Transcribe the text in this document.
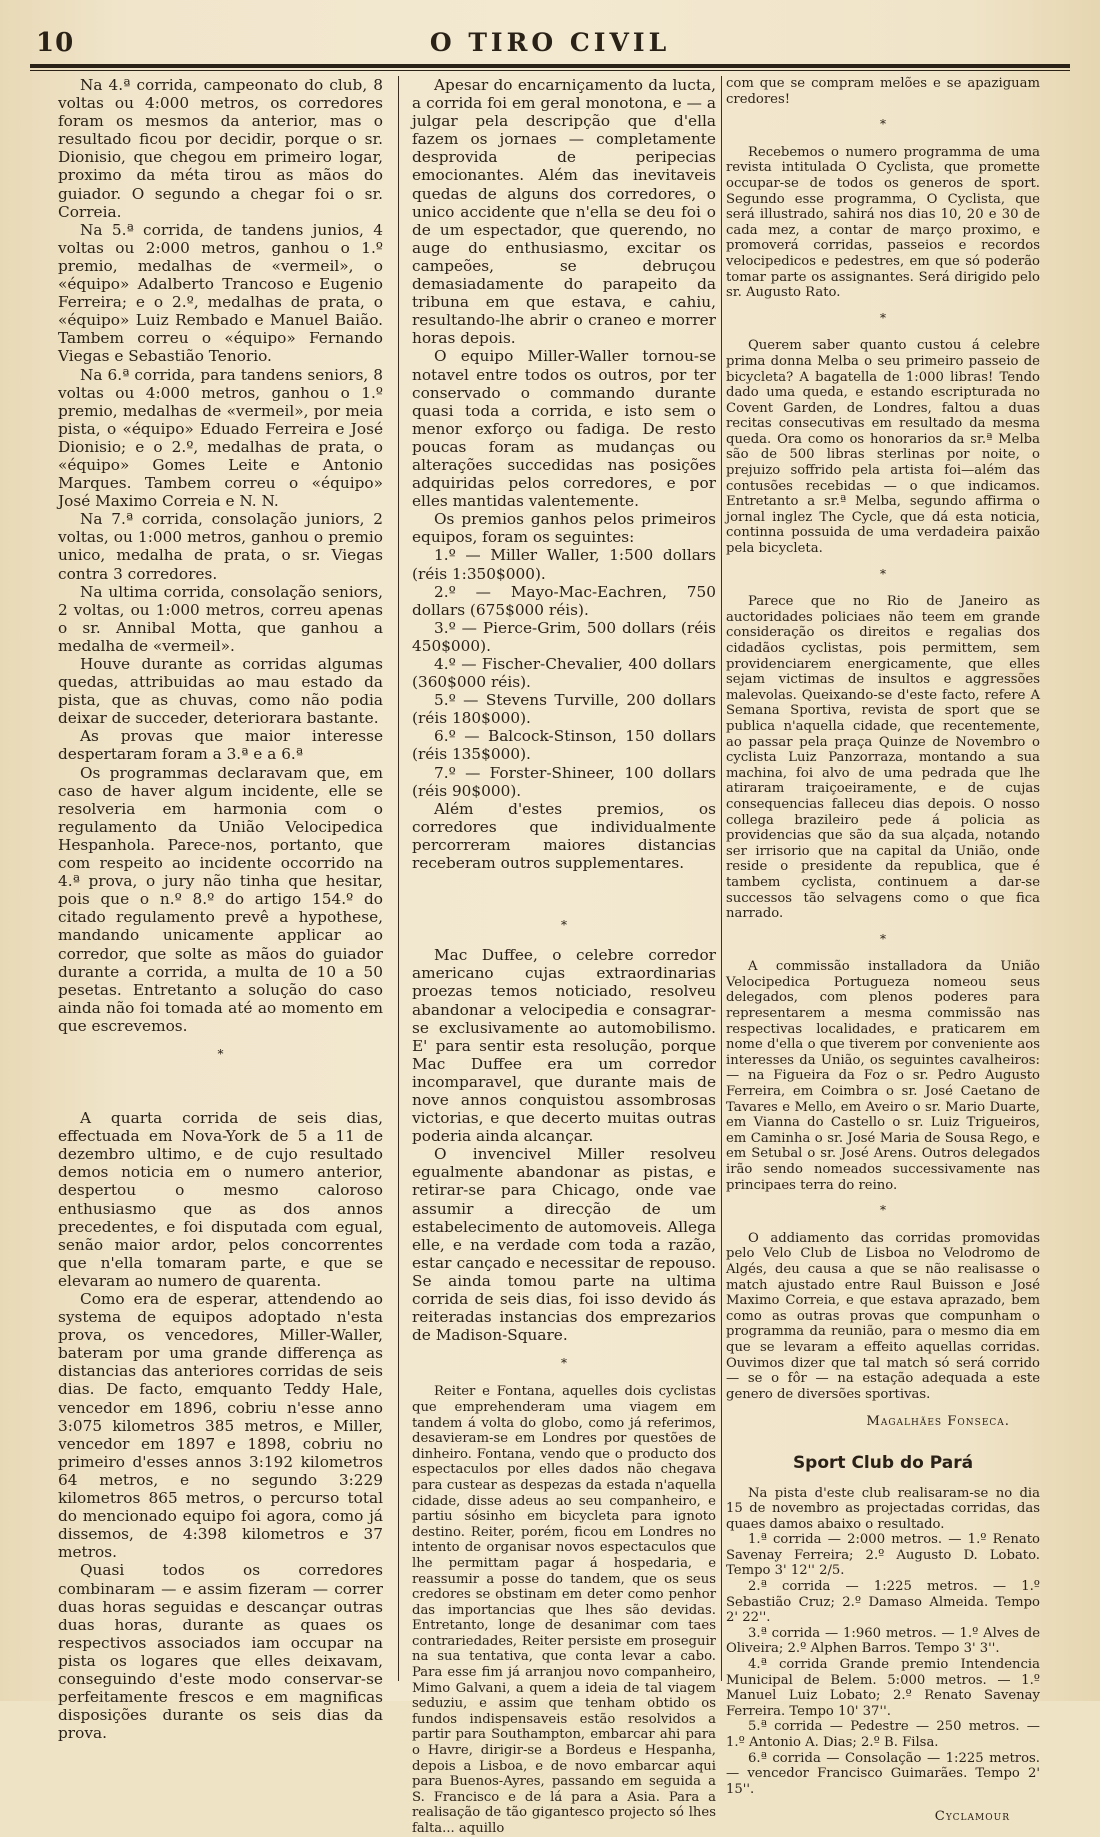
10	O TIRO CIVIL

Na 4.ª corrida, campeonato do club, 8 voltas ou 4:000 metros, os corredores foram os mesmos da anterior, mas o resultado ficou por decidir, porque o sr. Dionisio, que chegou em primeiro logar, proximo da méta tirou as mãos do guiador. O segundo a chegar foi o sr. Correia.

Na 5.ª corrida, de tandens junios, 4 voltas ou 2:000 metros, ganhou o 1.º premio, medalhas de «vermeil», o «équipo» Adalberto Trancoso e Eugenio Ferreira; e o 2.º, medalhas de prata, o «équipo» Luiz Rembado e Manuel Baião. Tambem correu o «équipo» Fernando Viegas e Sebastião Tenorio.

Na 6.ª corrida, para tandens seniors, 8 voltas ou 4:000 metros, ganhou o 1.º premio, medalhas de «vermeil», por meia pista, o «équipo» Eduado Ferreira e José Dionisio; e o 2.º, medalhas de prata, o «équipo» Gomes Leite e Antonio Marques. Tambem correu o «équipo» José Maximo Correia e N. N.

Na 7.ª corrida, consolação juniors, 2 voltas, ou 1:000 metros, ganhou o premio unico, medalha de prata, o sr. Viegas contra 3 corredores.

Na ultima corrida, consolação seniors, 2 voltas, ou 1:000 metros, correu apenas o sr. Annibal Motta, que ganhou a medalha de «vermeil».

Houve durante as corridas algumas quedas, attribuidas ao mau estado da pista, que as chuvas, como não podia deixar de succeder, deteriorara bastante.

As provas que maior interesse despertaram foram a 3.ª e a 6.ª

Os programmas declaravam que, em caso de haver algum incidente, elle se resolveria em harmonia com o regulamento da União Velocipedica Hespanhola. Parece-nos, portanto, que com respeito ao incidente occorrido na 4.ª prova, o jury não tinha que hesitar, pois que o n.º 8.º do artigo 154.º do citado regulamento prevê a hypothese, mandando unicamente applicar ao corredor, que solte as mãos do guiador durante a corrida, a multa de 10 a 50 pesetas. Entretanto a solução do caso ainda não foi tomada até ao momento em que escrevemos.

*

A quarta corrida de seis dias, effectuada em Nova-York de 5 a 11 de dezembro ultimo, e de cujo resultado demos noticia em o numero anterior, despertou o mesmo caloroso enthusiasmo que as dos annos precedentes, e foi disputada com egual, senão maior ardor, pelos concorrentes que n'ella tomaram parte, e que se elevaram ao numero de quarenta.

Como era de esperar, attendendo ao systema de equipos adoptado n'esta prova, os vencedores, Miller-Waller, bateram por uma grande differença as distancias das anteriores corridas de seis dias. De facto, emquanto Teddy Hale, vencedor em 1896, cobriu n'esse anno 3:075 kilometros 385 metros, e Miller, vencedor em 1897 e 1898, cobriu no primeiro d'esses annos 3:192 kilometros 64 metros, e no segundo 3:229 kilometros 865 metros, o percurso total do mencionado equipo foi agora, como já dissemos, de 4:398 kilometros e 37 metros.

Quasi todos os corredores combinaram — e assim fizeram — correr duas horas seguidas e descançar outras duas horas, durante as quaes os respectivos associados iam occupar na pista os logares que elles deixavam, conseguindo d'este modo conservar-se perfeitamente frescos e em magnificas disposições durante os seis dias da prova.

Apesar do encarniçamento da lucta, a corrida foi em geral monotona, e — a julgar pela descripção que d'ella fazem os jornaes — completamente desprovida de peripecias emocionantes. Além das inevitaveis quedas de alguns dos corredores, o unico accidente que n'ella se deu foi o de um espectador, que querendo, no auge do enthusiasmo, excitar os campeões, se debruçou demasiadamente do parapeito da tribuna em que estava, e cahiu, resultando-lhe abrir o craneo e morrer horas depois.

O equipo Miller-Waller tornou-se notavel entre todos os outros, por ter conservado o commando durante quasi toda a corrida, e isto sem o menor exforço ou fadiga. De resto poucas foram as mudanças ou alterações succedidas nas posições adquiridas pelos corredores, e por elles mantidas valentemente.

Os premios ganhos pelos primeiros equipos, foram os seguintes:

1.º — Miller Waller, 1:500 dollars (réis 1:350$000).

2.º — Mayo-Mac-Eachren, 750 dollars (675$000 réis).

3.º — Pierce-Grim, 500 dollars (réis 450$000).

4.º — Fischer-Chevalier, 400 dollars (360$000 réis).

5.º — Stevens Turville, 200 dollars (réis 180$000).

6.º — Balcock-Stinson, 150 dollars (réis 135$000).

7.º — Forster-Shineer, 100 dollars (réis 90$000).

Além d'estes premios, os corredores que individualmente percorreram maiores distancias receberam outros supplementares.

*

Mac Duffee, o celebre corredor americano cujas extraordinarias proezas temos noticiado, resolveu abandonar a velocipedia e consagrar-se exclusivamente ao automobilismo. E' para sentir esta resolução, porque Mac Duffee era um corredor incomparavel, que durante mais de nove annos conquistou assombrosas victorias, e que decerto muitas outras poderia ainda alcançar.

O invencivel Miller resolveu egualmente abandonar as pistas, e retirar-se para Chicago, onde vae assumir a direcção de um estabelecimento de automoveis. Allega elle, e na verdade com toda a razão, estar cançado e necessitar de repouso. Se ainda tomou parte na ultima corrida de seis dias, foi isso devido ás reiteradas instancias dos emprezarios de Madison-Square.

*

Reiter e Fontana, aquelles dois cyclistas que emprehenderam uma viagem em tandem á volta do globo, como já referimos, desavieram-se em Londres por questões de dinheiro. Fontana, vendo que o producto dos espectaculos por elles dados não chegava para custear as despezas da estada n'aquella cidade, disse adeus ao seu companheiro, e partiu sósinho em bicycleta para ignoto destino. Reiter, porém, ficou em Londres no intento de organisar novos espectaculos que lhe permittam pagar á hospedaria, e reassumir a posse do tandem, que os seus credores se obstinam em deter como penhor das importancias que lhes são devidas. Entretanto, longe de desanimar com taes contrariedades, Reiter persiste em proseguir na sua tentativa, que conta levar a cabo. Para esse fim já arranjou novo companheiro, Mimo Galvani, a quem a ideia de tal viagem seduziu, e assim que tenham obtido os fundos indispensaveis estão resolvidos a partir para Southampton, embarcar ahi para o Havre, dirigir-se a Bordeus e Hespanha, depois a Lisboa, e de novo embarcar aqui para Buenos-Ayres, passando em seguida a S. Francisco e de lá para a Asia. Para a realisação de tão gigantesco projecto só lhes falta... aquillo

com que se compram melões e se apaziguam credores!

*

Recebemos o numero programma de uma revista intitulada O Cyclista, que promette occupar-se de todos os generos de sport. Segundo esse programma, O Cyclista, que será illustrado, sahirá nos dias 10, 20 e 30 de cada mez, a contar de março proximo, e promoverá corridas, passeios e recordos velocipedicos e pedestres, em que só poderão tomar parte os assignantes. Será dirigido pelo sr. Augusto Rato.

*

Querem saber quanto custou á celebre prima donna Melba o seu primeiro passeio de bicycleta? A bagatella de 1:000 libras! Tendo dado uma queda, e estando escripturada no Covent Garden, de Londres, faltou a duas recitas consecutivas em resultado da mesma queda. Ora como os honorarios da sr.ª Melba são de 500 libras sterlinas por noite, o prejuizo soffrido pela artista foi—além das contusões recebidas — o que indicamos. Entretanto a sr.ª Melba, segundo affirma o jornal inglez The Cycle, que dá esta noticia, continna possuida de uma verdadeira paixão pela bicycleta.

*

Parece que no Rio de Janeiro as auctoridades policiaes não teem em grande consideração os direitos e regalias dos cidadãos cyclistas, pois permittem, sem providenciarem energicamente, que elles sejam victimas de insultos e aggressões malevolas. Queixando-se d'este facto, refere A Semana Sportiva, revista de sport que se publica n'aquella cidade, que recentemente, ao passar pela praça Quinze de Novembro o cyclista Luiz Panzorraza, montando a sua machina, foi alvo de uma pedrada que lhe atiraram traiçoeiramente, e de cujas consequencias falleceu dias depois. O nosso collega brazileiro pede á policia as providencias que são da sua alçada, notando ser irrisorio que na capital da União, onde reside o presidente da republica, que é tambem cyclista, continuem a dar-se successos tão selvagens como o que fica narrado.

*

A commissão installadora da União Velocipedica Portugueza nomeou seus delegados, com plenos poderes para representarem a mesma commissão nas respectivas localidades, e praticarem em nome d'ella o que tiverem por conveniente aos interesses da União, os seguintes cavalheiros: — na Figueira da Foz o sr. Pedro Augusto Ferreira, em Coimbra o sr. José Caetano de Tavares e Mello, em Aveiro o sr. Mario Duarte, em Vianna do Castello o sr. Luiz Trigueiros, em Caminha o sr. José Maria de Sousa Rego, e em Setubal o sr. José Arens. Outros delegados irão sendo nomeados successivamente nas principaes terra do reino.

*

O addiamento das corridas promovidas pelo Velo Club de Lisboa no Velodromo de Algés, deu causa a que se não realisasse o match ajustado entre Raul Buisson e José Maximo Correia, e que estava aprazado, bem como as outras provas que compunham o programma da reunião, para o mesmo dia em que se levaram a effeito aquellas corridas. Ouvimos dizer que tal match só será corrido — se o fôr — na estação adequada a este genero de diversões sportivas.

Magalhães Fonseca.
Sport Club do Pará

Na pista d'este club realisaram-se no dia 15 de novembro as projectadas corridas, das quaes damos abaixo o resultado.

1.ª corrida — 2:000 metros. — 1.º Renato Savenay Ferreira; 2.º Augusto D. Lobato. Tempo 3' 12'' 2/5.

2.ª corrida — 1:225 metros. — 1.º Sebastião Cruz; 2.º Damaso Almeida. Tempo 2' 22''.

3.ª corrida — 1:960 metros. — 1.º Alves de Oliveira; 2.º Alphen Barros. Tempo 3' 3''.

4.ª corrida Grande premio Intendencia Municipal de Belem. 5:000 metros. — 1.º Manuel Luiz Lobato; 2.º Renato Savenay Ferreira. Tempo 10' 37''.

5.ª corrida — Pedestre — 250 metros. — 1.º Antonio A. Dias; 2.º B. Filsa.

6.ª corrida — Consolação — 1:225 metros. — vencedor Francisco Guimarães. Tempo 2' 15''.

Cyclamour
